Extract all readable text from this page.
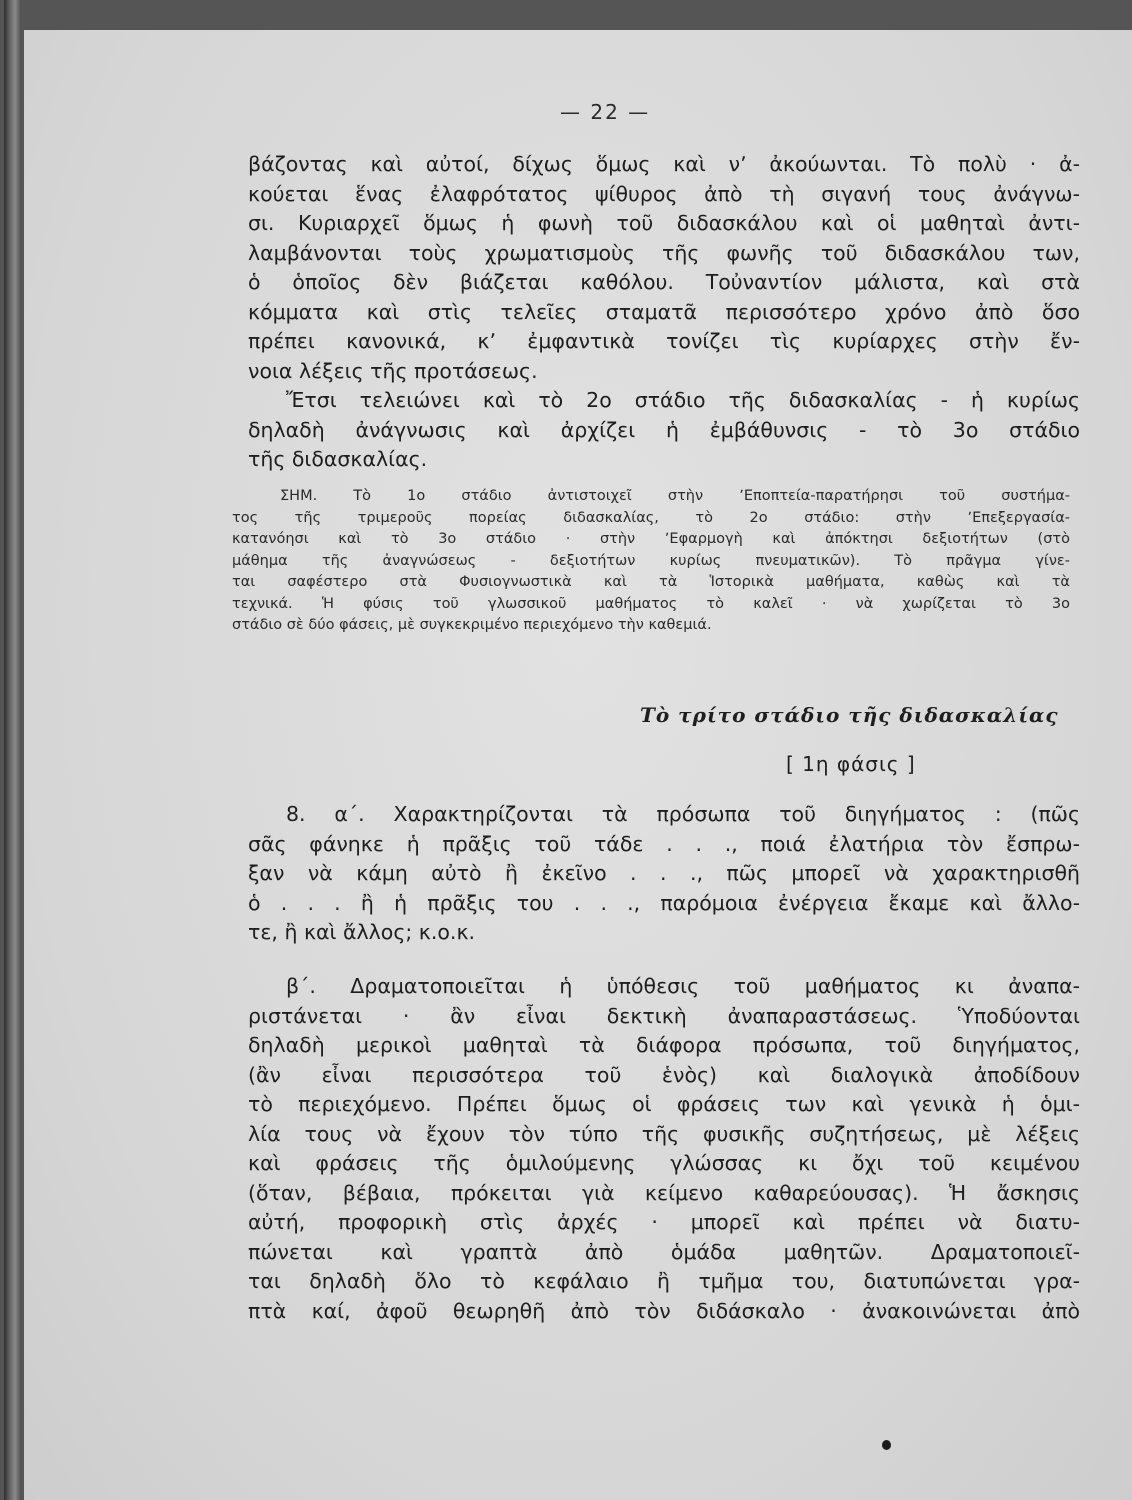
— 22 —
βάζοντας καὶ αὐτοί, δίχως ὅμως καὶ νʼ ἀκούωνται. Τὸ πολὺ · ἀ-
κούεται ἕνας ἐλαφρότατος ψίθυρος ἀπὸ τὴ σιγανή τους ἀνάγνω-
σι. Κυριαρχεῖ ὅμως ἡ φωνὴ τοῦ διδασκάλου καὶ οἱ μαθηταὶ ἀντι-
λαμβάνονται τοὺς χρωματισμοὺς τῆς φωνῆς τοῦ διδασκάλου των,
ὁ ὁποῖος δὲν βιάζεται καθόλου. Τοὐναντίον μάλιστα, καὶ στὰ
κόμματα καὶ στὶς τελεῖες σταματᾶ περισσότερο χρόνο ἀπὸ ὅσο
πρέπει κανονικά, κʼ ἐμφαντικὰ τονίζει τὶς κυρίαρχες στὴν ἔν-
νοια λέξεις τῆς προτάσεως.
Ἔτσι τελειώνει καὶ τὸ 2ο στάδιο τῆς διδασκαλίας - ἡ κυρίως
δηλαδὴ ἀνάγνωσις καὶ ἀρχίζει ἡ ἐμβάθυνσις - τὸ 3ο στάδιο
τῆς διδασκαλίας.
ΣΗΜ. Τὸ 1ο στάδιο ἀντιστοιχεῖ στὴν ʼΕποπτεία-παρατήρησι τοῦ συστήμα-
τος τῆς τριμεροῦς πορείας διδασκαλίας, τὸ 2ο στάδιο: στὴν ʼΕπεξεργασία-
κατανόησι καὶ τὸ 3ο στάδιο · στὴν ʼΕφαρμογὴ καὶ ἀπόκτησι δεξιοτήτων (στὸ
μάθημα τῆς ἀναγνώσεως - δεξιοτήτων κυρίως πνευματικῶν). Τὸ πρᾶγμα γίνε-
ται σαφέστερο στὰ Φυσιογνωστικὰ καὶ τὰ Ἱστορικὰ μαθήματα, καθὼς καὶ τὰ
τεχνικά. Ἡ φύσις τοῦ γλωσσικοῦ μαθήματος τὸ καλεῖ · νὰ χωρίζεται τὸ 3ο
στάδιο σὲ δύο φάσεις, μὲ συγκεκριμένο περιεχόμενο τὴν καθεμιά.
Τὸ τρίτο στάδιο τῆς διδασκαλίας
[ 1η φάσις ]
8. α΄. Χαρακτηρίζονται τὰ πρόσωπα τοῦ διηγήματος : (πῶς
σᾶς φάνηκε ἡ πρᾶξις τοῦ τάδε . . ., ποιά ἐλατήρια τὸν ἔσπρω-
ξαν νὰ κάμη αὐτὸ ἢ ἐκεῖνο . . ., πῶς μπορεῖ νὰ χαρακτηρισθῆ
ὁ . . . ἢ ἡ πρᾶξις του . . ., παρόμοια ἐνέργεια ἔκαμε καὶ ἄλλο-
τε, ἢ καὶ ἄλλος; κ.ο.κ.
β΄. Δραματοποιεῖται ἡ ὑπόθεσις τοῦ μαθήματος κι ἀναπα-
ριστάνεται · ἂν εἶναι δεκτικὴ ἀναπαραστάσεως. Ὑποδύονται
δηλαδὴ μερικοὶ μαθηταὶ τὰ διάφορα πρόσωπα, τοῦ διηγήματος,
(ἂν εἶναι περισσότερα τοῦ ἑνὸς) καὶ διαλογικὰ ἀποδίδουν
τὸ περιεχόμενο. Πρέπει ὅμως οἱ φράσεις των καὶ γενικὰ ἡ ὁμι-
λία τους νὰ ἔχουν τὸν τύπο τῆς φυσικῆς συζητήσεως, μὲ λέξεις
καὶ φράσεις τῆς ὁμιλούμενης γλώσσας κι ὄχι τοῦ κειμένου
(ὅταν, βέβαια, πρόκειται γιὰ κείμενο καθαρεύουσας). Ἡ ἄσκησις
αὐτή, προφορικὴ στὶς ἀρχές · μπορεῖ καὶ πρέπει νὰ διατυ-
πώνεται καὶ γραπτὰ ἀπὸ ὁμάδα μαθητῶν. Δραματοποιεῖ-
ται δηλαδὴ ὅλο τὸ κεφάλαιο ἢ τμῆμα του, διατυπώνεται γρα-
πτὰ καί, ἀφοῦ θεωρηθῆ ἀπὸ τὸν διδάσκαλο · ἀνακοινώνεται ἀπὸ
